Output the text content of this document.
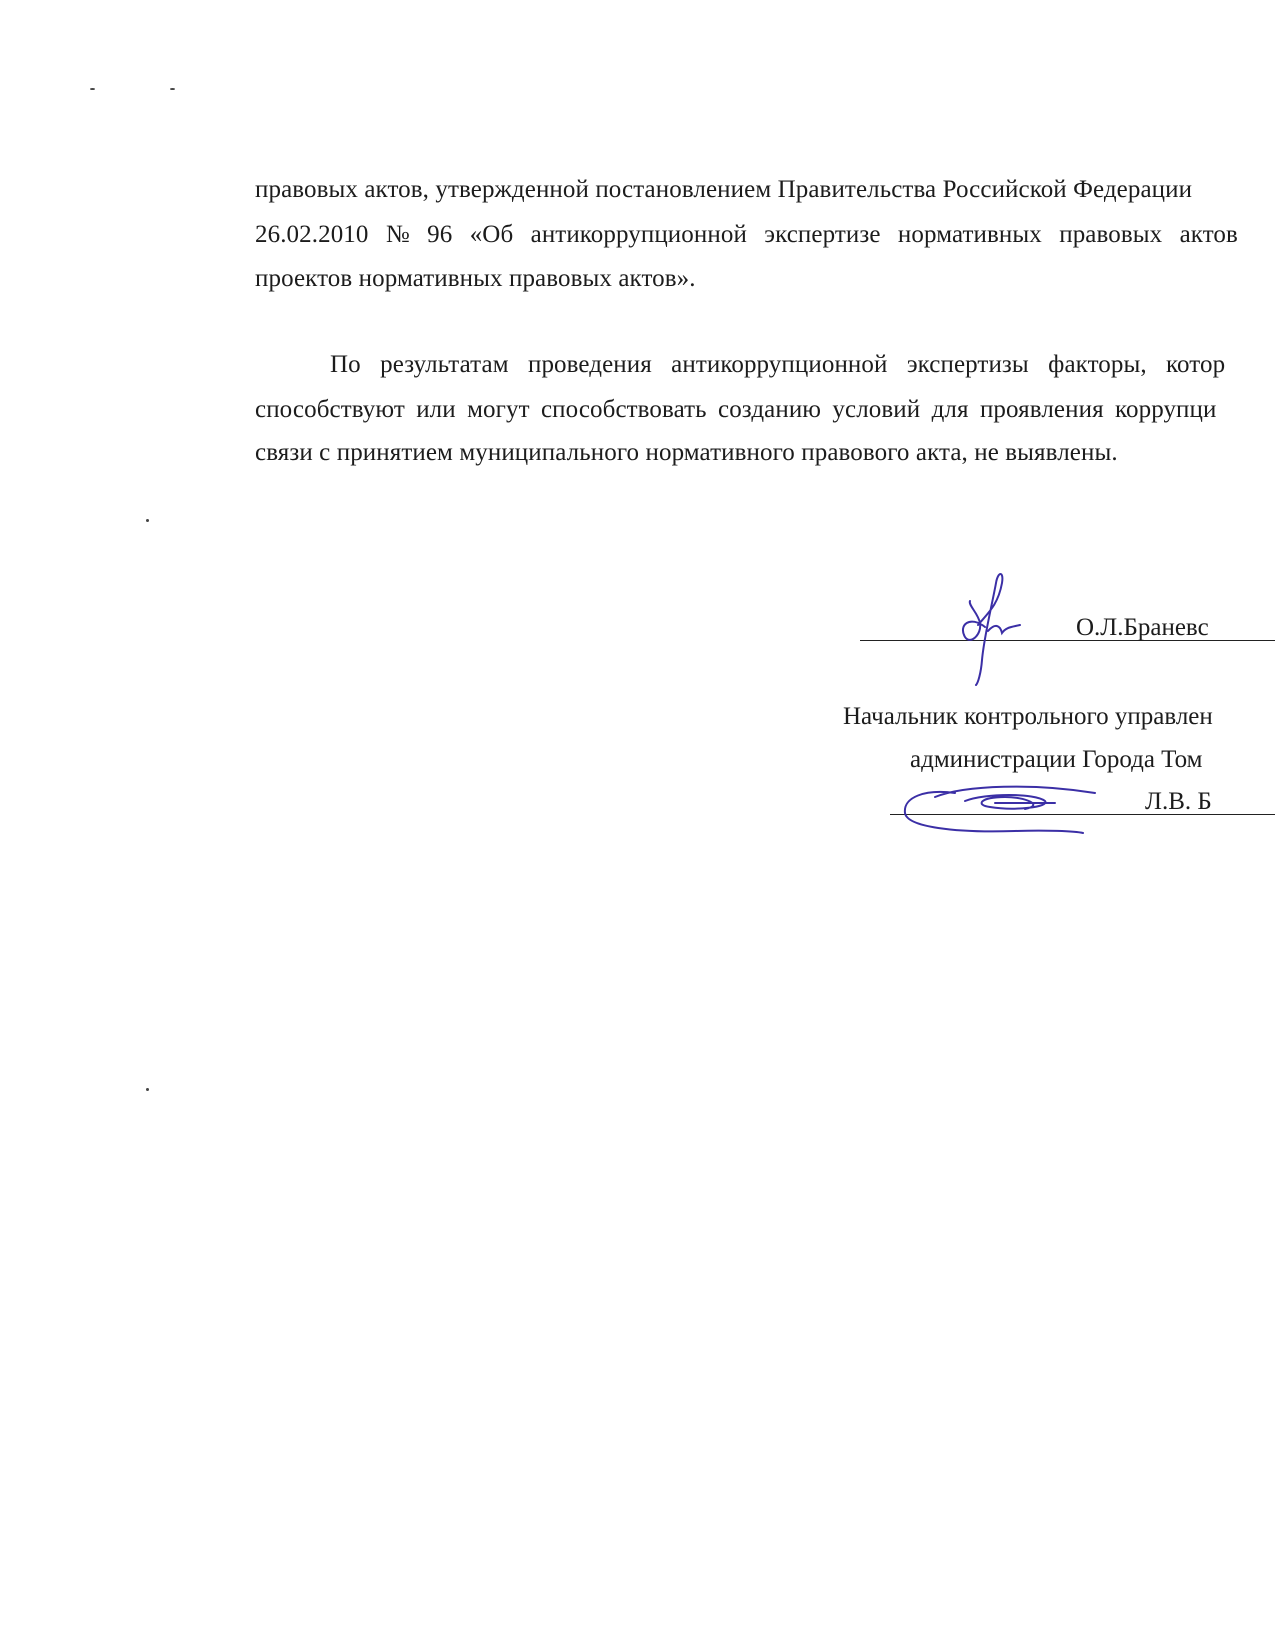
правовых актов, утвержденной постановлением Правительства Российской Федерации
26.02.2010 № 96 «Об антикоррупционной экспертизе нормативных правовых актов
проектов нормативных правовых актов».
По результатам проведения антикоррупционной экспертизы факторы, котор
способствуют или могут способствовать созданию условий для проявления коррупци
связи с принятием муниципального нормативного правового акта, не выявлены.
О.Л.Браневс
Начальник контрольного управлен
администрации Города Том
Л.В. Б
